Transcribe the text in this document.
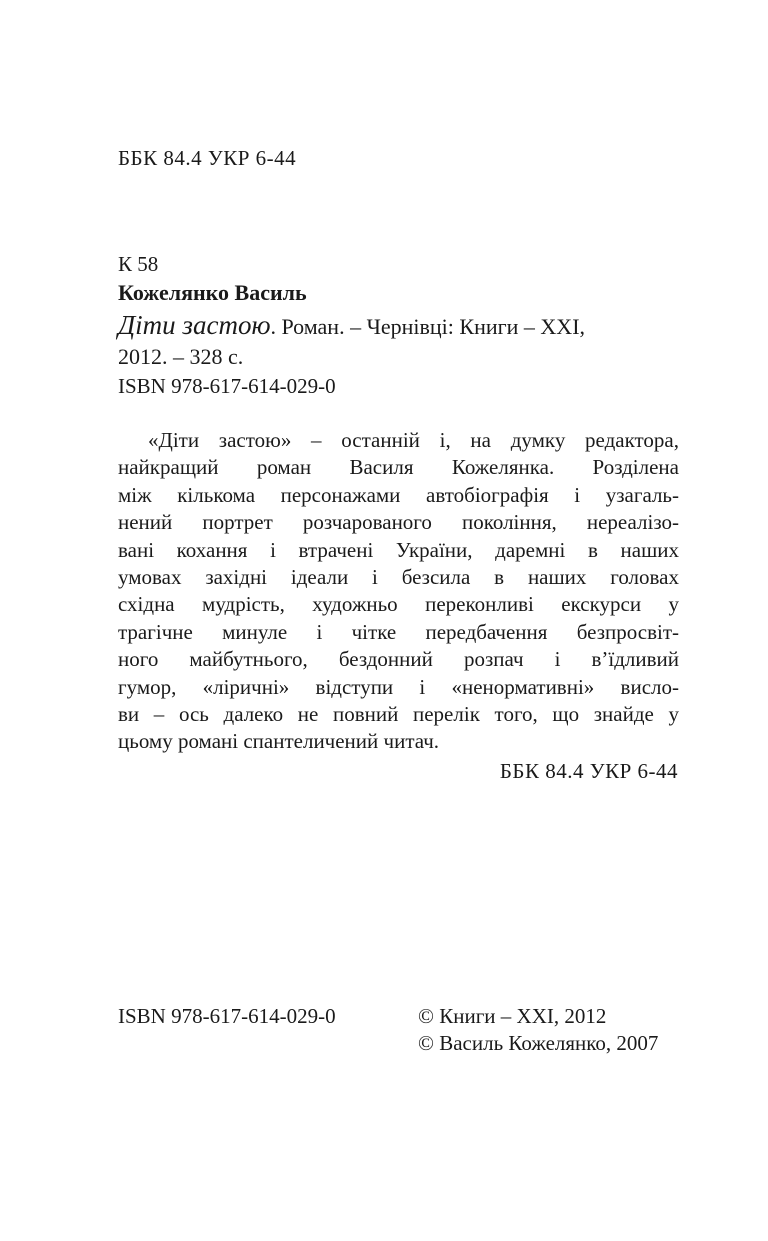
ББК 84.4 УКР 6-44
К 58
Кожелянко Василь
Діти застою. Роман. – Чернівці: Книги – XXI,
2012. – 328 с.
ISBN 978-617-614-029-0
«Діти застою» – останній і, на думку редактора,
найкращий роман Василя Кожелянка. Розділена
між кількома персонажами автобіографія і узагаль-
нений портрет розчарованого покоління, нереалізо-
вані кохання і втрачені України, даремні в наших
умовах західні ідеали і безсила в наших головах
східна мудрість, художньо переконливі екскурси у
трагічне минуле і чітке передбачення безпросвіт-
ного майбутнього, бездонний розпач і в’їдливий
гумор, «ліричні» відступи і «ненормативні» вислo-
ви – ось далеко не повний перелік того, що знайде у
цьому романі спантеличений читач.
ББК 84.4 УКР 6-44
ISBN 978-617-614-029-0	© Книги – XXI, 2012
© Василь Кожелянко, 2007
